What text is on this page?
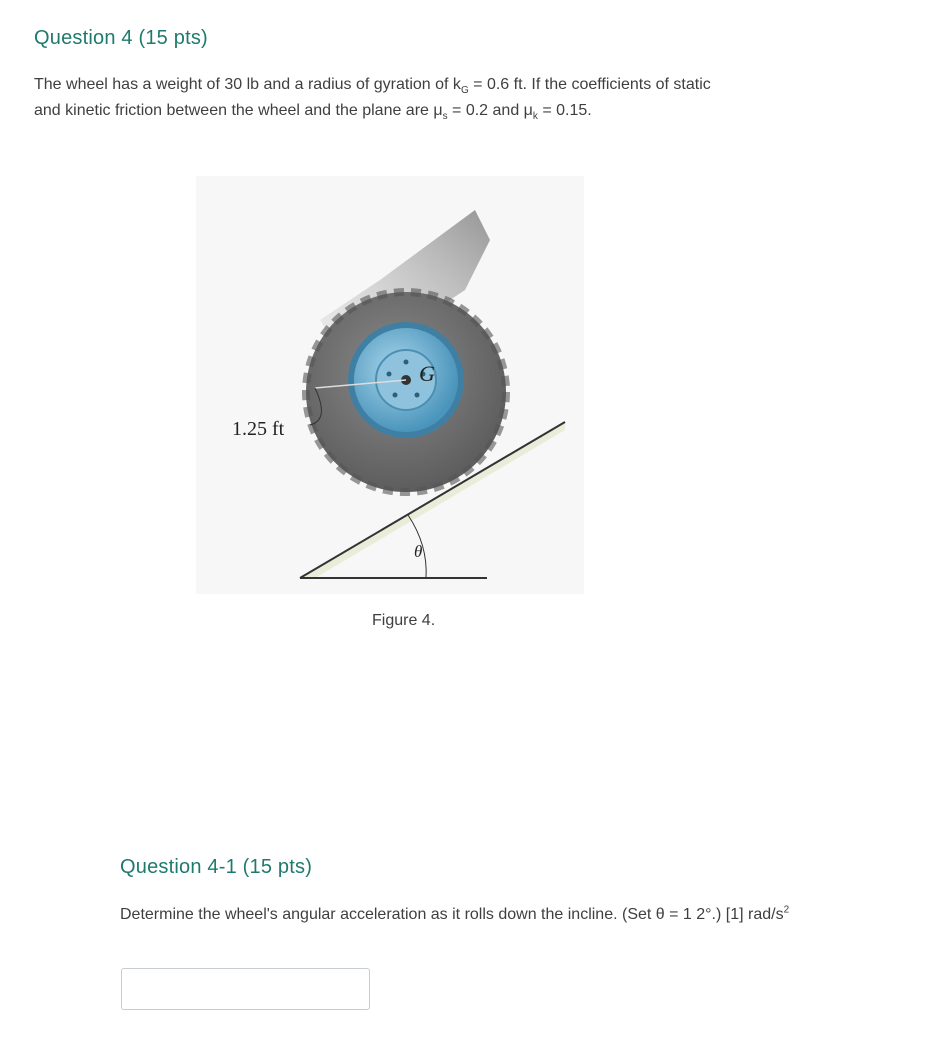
Question 4 (15 pts)
The wheel has a weight of 30 lb and a radius of gyration of $k_G = 0.6$ ft. If the coefficients of static
and kinetic friction between the wheel and the plane are $\mu_s = 0.2$ and $\mu_k = 0.15$.
G
1.25 ft
θ
Figure 4.
Question 4-1 (15 pts)
Determine the wheel's angular acceleration as it rolls down the incline. (Set θ = 1 2°.) [1] rad/$s^2$
